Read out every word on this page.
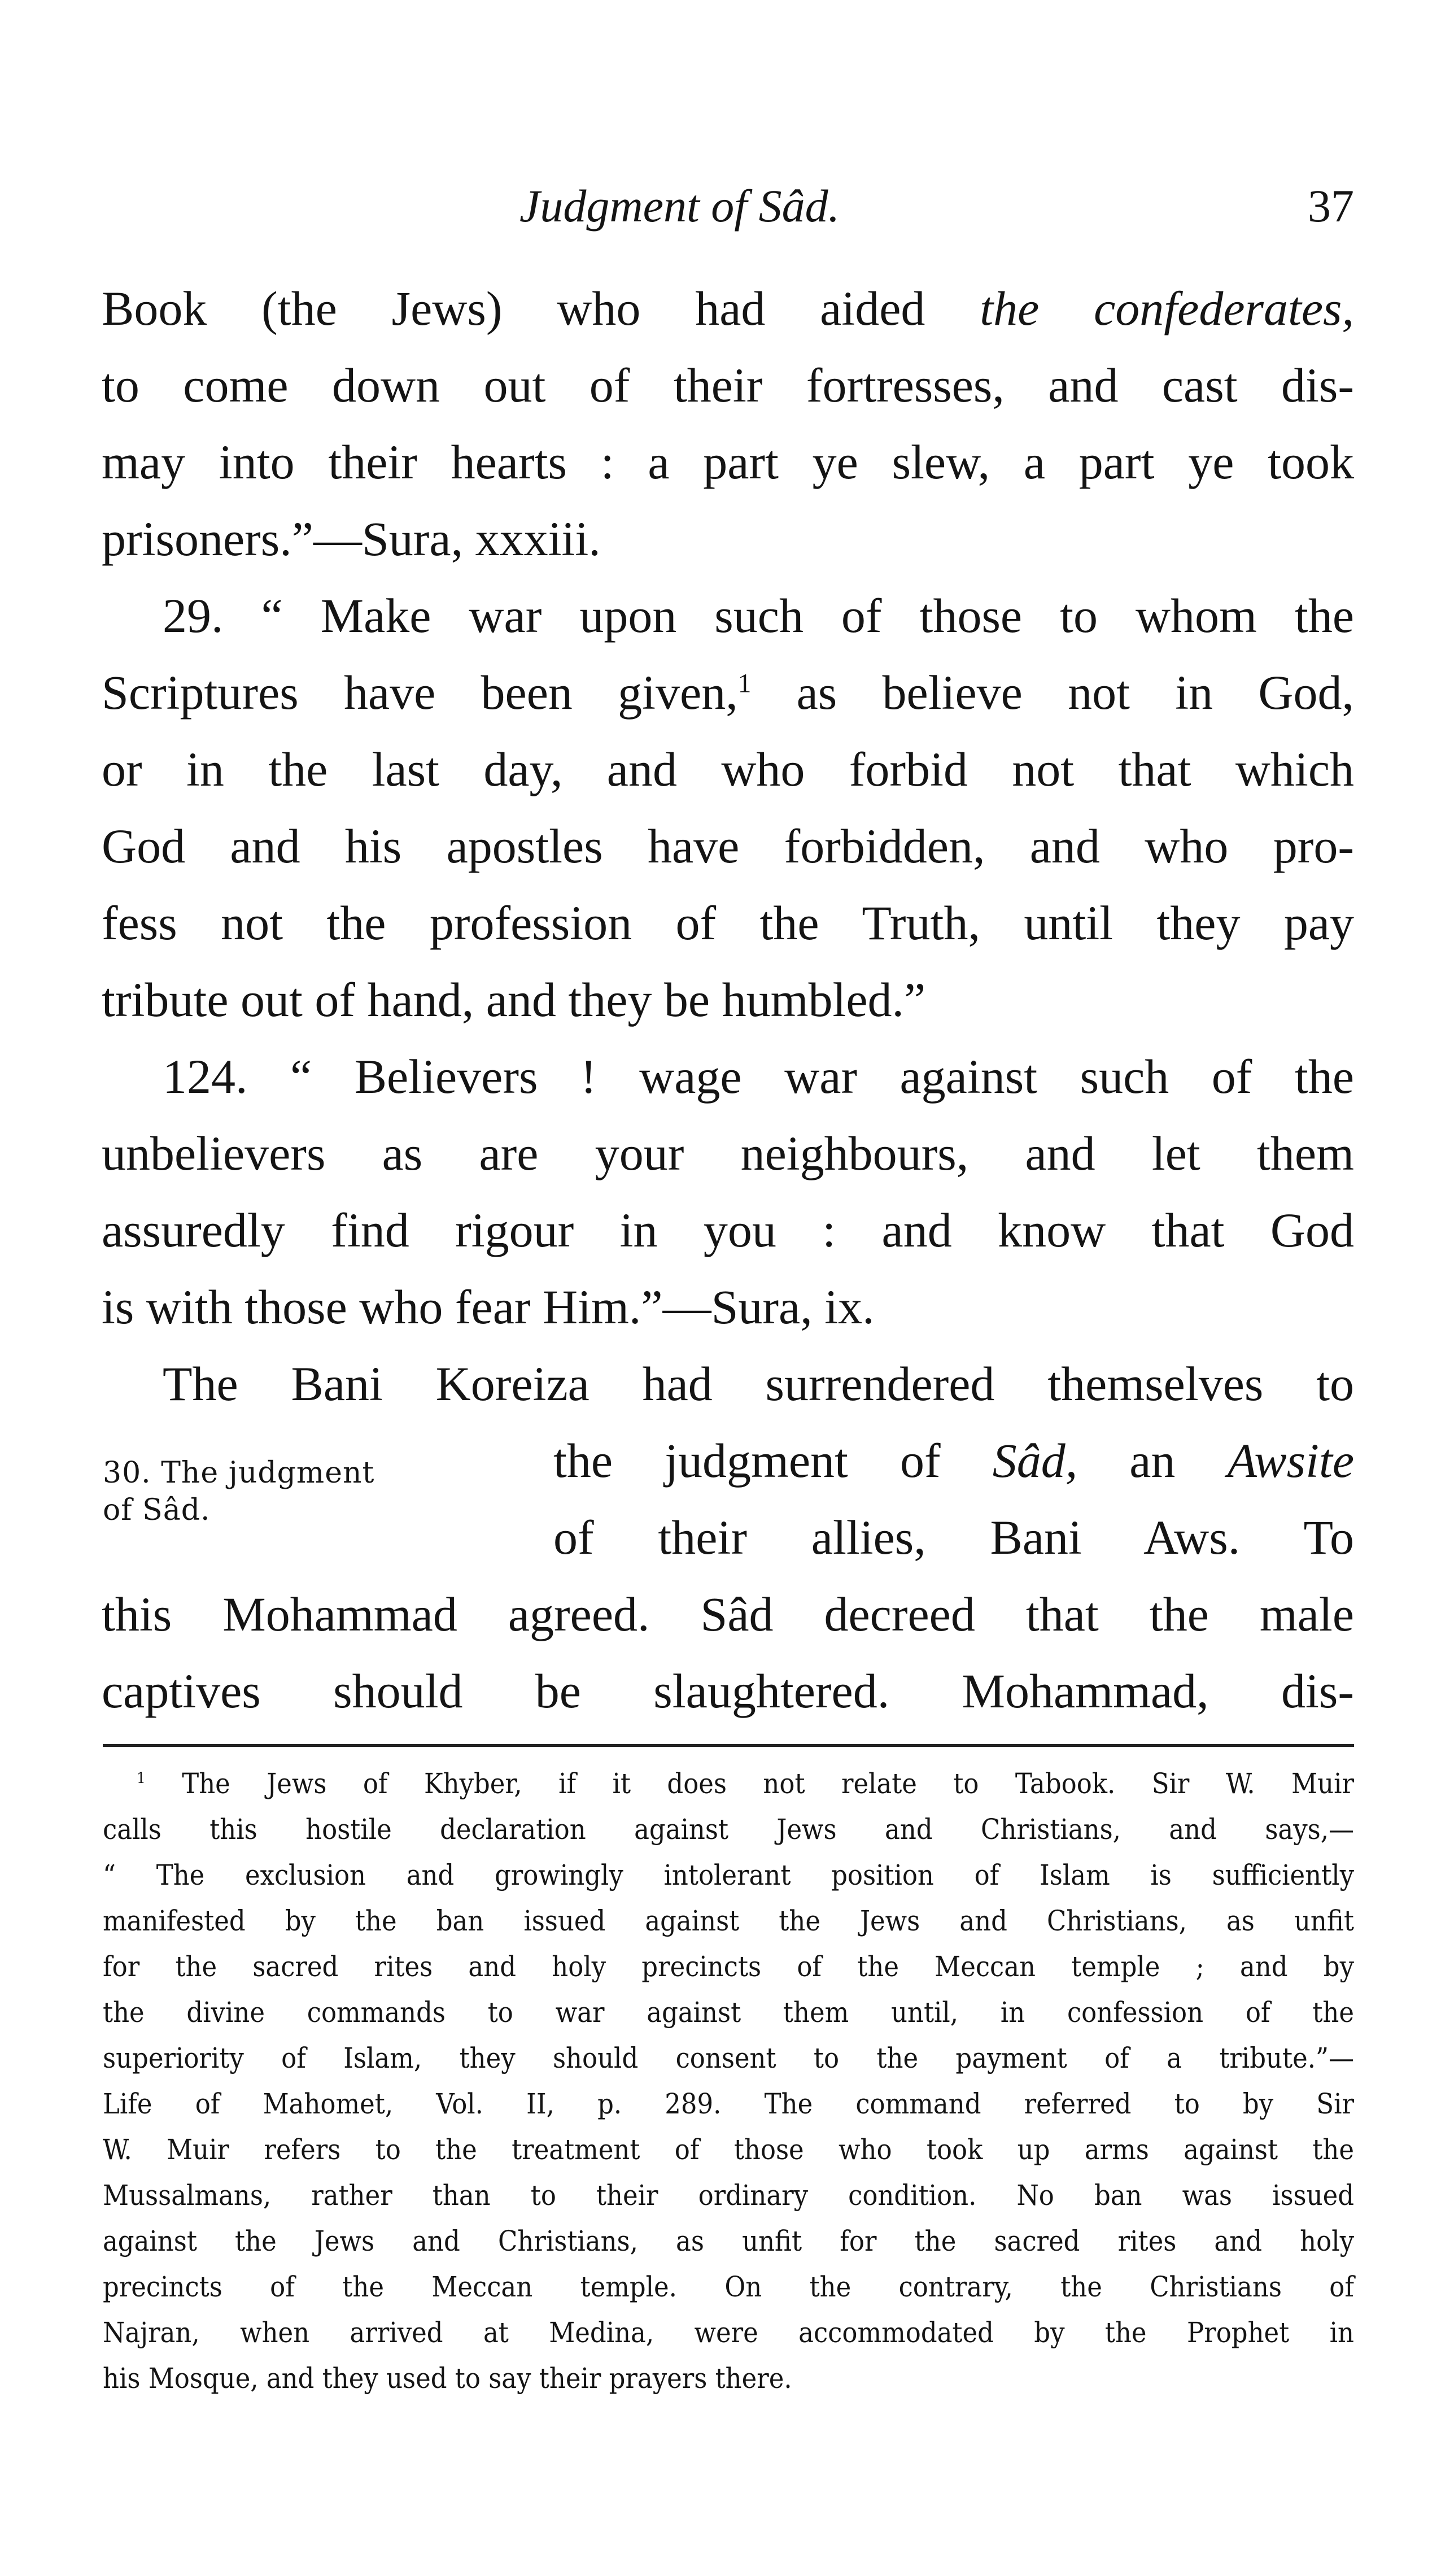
Judgment of Sâd.	37
Book (the Jews) who had aided the confederates,
to come down out of their fortresses, and cast dis-
may into their hearts : a part ye slew, a part ye took
prisoners.”—Sura, xxxiii.
29. “ Make war upon such of those to whom the
Scriptures have been given,$^1$ as believe not in God,
or in the last day, and who forbid not that which
God and his apostles have forbidden, and who pro-
fess not the profession of the Truth, until they pay
tribute out of hand, and they be humbled.”
124. “ Believers ! wage war against such of the
unbelievers as are your neighbours, and let them
assuredly find rigour in you : and know that God
is with those who fear Him.”—Sura, ix.
The Bani Koreiza had surrendered themselves to
the judgment of Sâd, an Awsite
of their allies, Bani Aws. To
this Mohammad agreed. Sâd decreed that the male
captives should be slaughtered. Mohammad, dis-
30. The judgment
of Sâd.
$^1$ The Jews of Khyber, if it does not relate to Tabook. Sir W. Muir
calls this hostile declaration against Jews and Christians, and says,—
“ The exclusion and growingly intolerant position of Islam is sufficiently
manifested by the ban issued against the Jews and Christians, as unfit
for the sacred rites and holy precincts of the Meccan temple ; and by
the divine commands to war against them until, in confession of the
superiority of Islam, they should consent to the payment of a tribute.”—
Life of Mahomet, Vol. II, p. 289. The command referred to by Sir
W. Muir refers to the treatment of those who took up arms against the
Mussalmans, rather than to their ordinary condition. No ban was issued
against the Jews and Christians, as unfit for the sacred rites and holy
precincts of the Meccan temple. On the contrary, the Christians of
Najran, when arrived at Medina, were accommodated by the Prophet in
his Mosque, and they used to say their prayers there.
